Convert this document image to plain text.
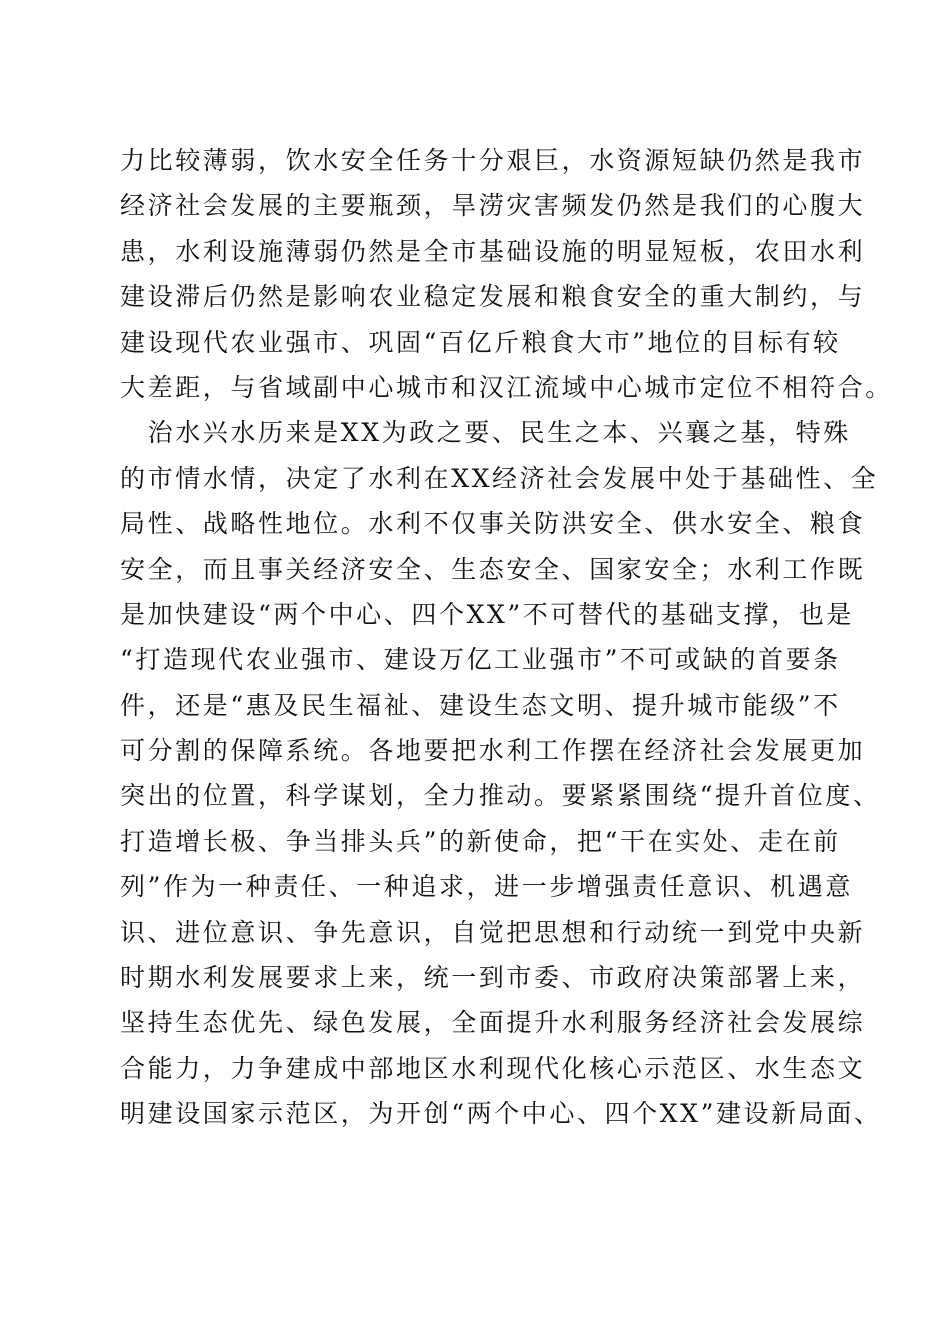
力比较薄弱，饮水安全任务十分艰巨，水资源短缺仍然是我市
经济社会发展的主要瓶颈，旱涝灾害频发仍然是我们的心腹大
患，水利设施薄弱仍然是全市基础设施的明显短板，农田水利
建设滞后仍然是影响农业稳定发展和粮食安全的重大制约，与
建设现代农业强市、巩固“百亿斤粮食大市”地位的目标有较
大差距，与省域副中心城市和汉江流域中心城市定位不相符合。
　治水兴水历来是XX为政之要、民生之本、兴襄之基，特殊
的市情水情，决定了水利在XX经济社会发展中处于基础性、全
局性、战略性地位。水利不仅事关防洪安全、供水安全、粮食
安全，而且事关经济安全、生态安全、国家安全；水利工作既
是加快建设“两个中心、四个XX”不可替代的基础支撑，也是
“打造现代农业强市、建设万亿工业强市”不可或缺的首要条
件，还是“惠及民生福祉、建设生态文明、提升城市能级”不
可分割的保障系统。各地要把水利工作摆在经济社会发展更加
突出的位置，科学谋划，全力推动。要紧紧围绕“提升首位度、
打造增长极、争当排头兵”的新使命，把“干在实处、走在前
列”作为一种责任、一种追求，进一步增强责任意识、机遇意
识、进位意识、争先意识，自觉把思想和行动统一到党中央新
时期水利发展要求上来，统一到市委、市政府决策部署上来，
坚持生态优先、绿色发展，全面提升水利服务经济社会发展综
合能力，力争建成中部地区水利现代化核心示范区、水生态文
明建设国家示范区，为开创“两个中心、四个XX”建设新局面、
